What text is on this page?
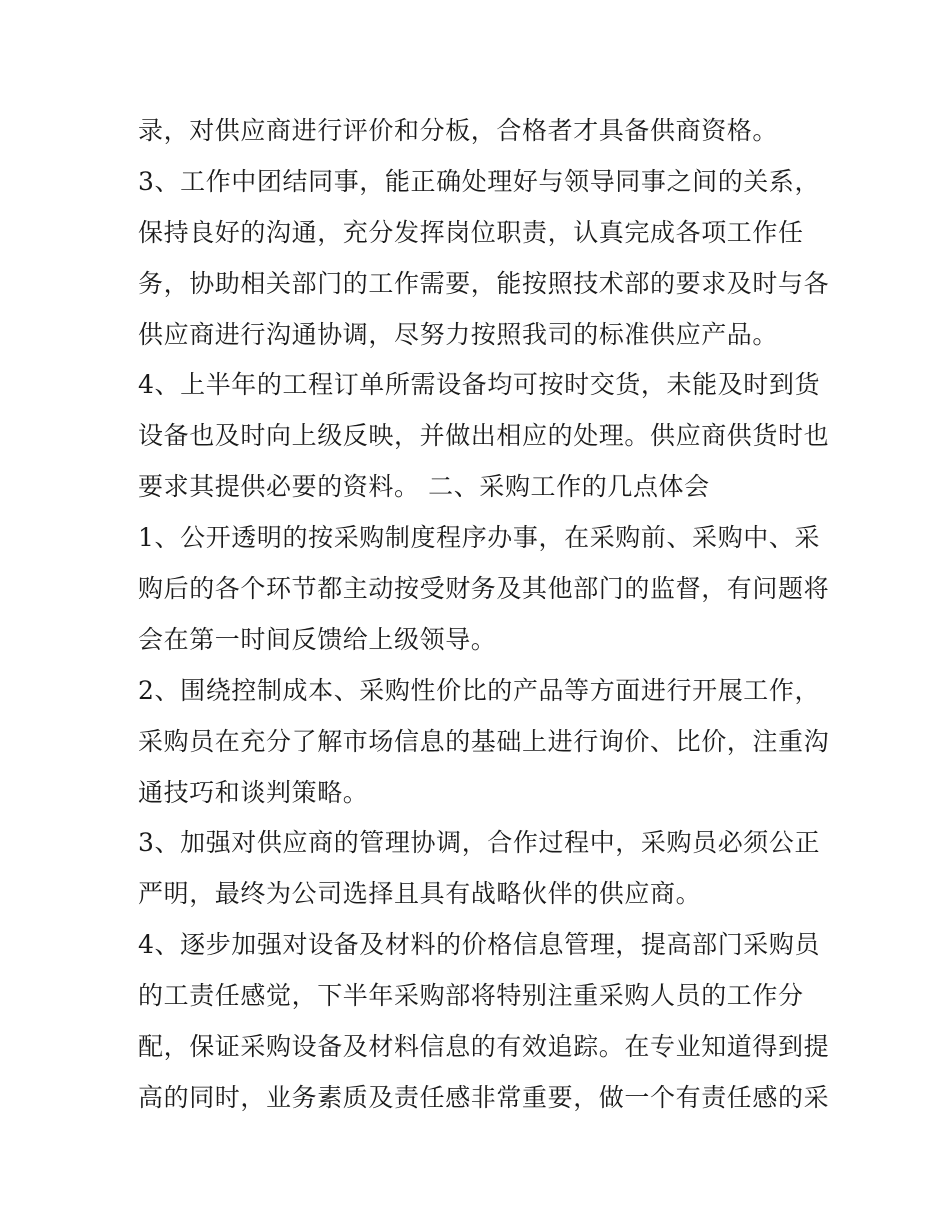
录，对供应商进行评价和分板，合格者才具备供商资格。
3、工作中团结同事，能正确处理好与领导同事之间的关系，
保持良好的沟通，充分发挥岗位职责，认真完成各项工作任
务，协助相关部门的工作需要，能按照技术部的要求及时与各
供应商进行沟通协调，尽努力按照我司的标准供应产品。
4、上半年的工程订单所需设备均可按时交货，未能及时到货
设备也及时向上级反映，并做出相应的处理。供应商供货时也
要求其提供必要的资料。 二、采购工作的几点体会
1、公开透明的按采购制度程序办事，在采购前、采购中、采
购后的各个环节都主动按受财务及其他部门的监督，有问题将
会在第一时间反馈给上级领导。
2、围绕控制成本、采购性价比的产品等方面进行开展工作，
采购员在充分了解市场信息的基础上进行询价、比价，注重沟
通技巧和谈判策略。
3、加强对供应商的管理协调，合作过程中，采购员必须公正
严明，最终为公司选择且具有战略伙伴的供应商。
4、逐步加强对设备及材料的价格信息管理，提高部门采购员
的工责任感觉，下半年采购部将特别注重采购人员的工作分
配，保证采购设备及材料信息的有效追踪。在专业知道得到提
高的同时，业务素质及责任感非常重要，做一个有责任感的采
